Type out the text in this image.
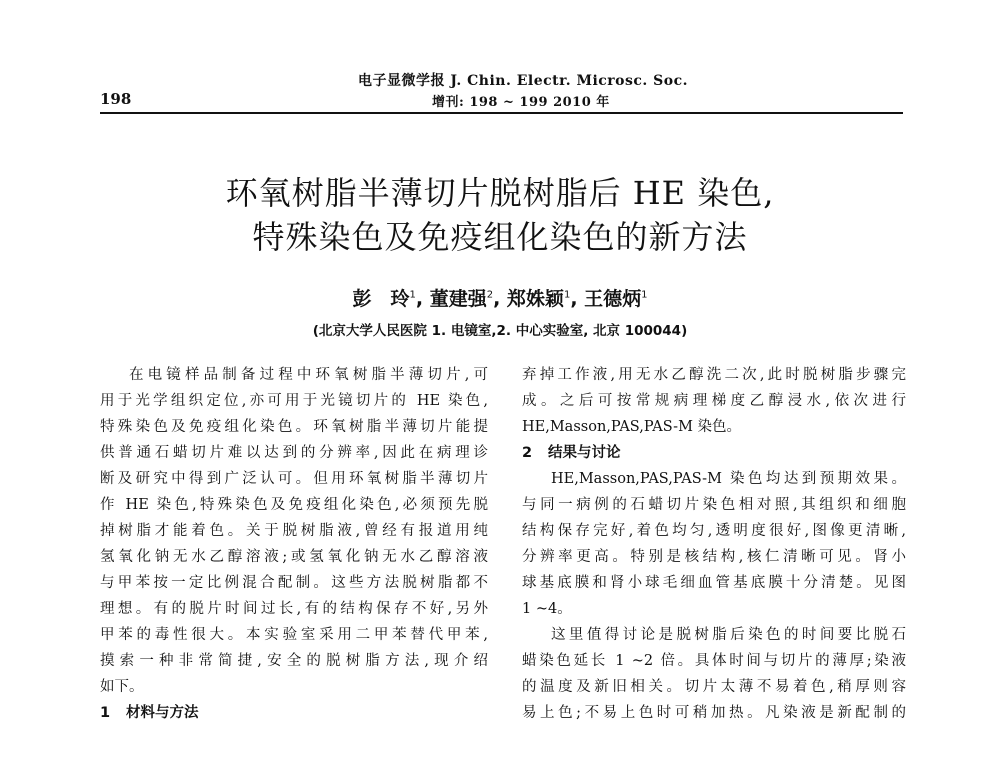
电子显微学报 J. Chin. Electr. Microsc. Soc.
198	增刊: 198 ~ 199 2010 年
环氧树脂半薄切片脱树脂后 HE 染色,
特殊染色及免疫组化染色的新方法
彭　玲$^1$, 董建强$^2$, 郑姝颖$^1$, 王德炳$^1$
(北京大学人民医院 1. 电镜室,2. 中心实验室, 北京 100044)
在电镜样品制备过程中环氧树脂半薄切片,可
用于光学组织定位,亦可用于光镜切片的 HE 染色,
特殊染色及免疫组化染色。环氧树脂半薄切片能提
供普通石蜡切片难以达到的分辨率,因此在病理诊
断及研究中得到广泛认可。但用环氧树脂半薄切片
作 HE 染色,特殊染色及免疫组化染色,必须预先脱
掉树脂才能着色。关于脱树脂液,曾经有报道用纯
氢氧化钠无水乙醇溶液;或氢氧化钠无水乙醇溶液
与甲苯按一定比例混合配制。这些方法脱树脂都不
理想。有的脱片时间过长,有的结构保存不好,另外
甲苯的毒性很大。本实验室采用二甲苯替代甲苯,
摸索一种非常简捷,安全的脱树脂方法,现介绍
如下。
1 材料与方法
弃掉工作液,用无水乙醇洗二次,此时脱树脂步骤完
成。之后可按常规病理梯度乙醇浸水,依次进行
HE,Masson,PAS,PAS-M 染色。
2 结果与讨论
HE,Masson,PAS,PAS-M 染色均达到预期效果。
与同一病例的石蜡切片染色相对照,其组织和细胞
结构保存完好,着色均匀,透明度很好,图像更清晰,
分辨率更高。特别是核结构,核仁清晰可见。肾小
球基底膜和肾小球毛细血管基底膜十分清楚。见图
1 ~4。
这里值得讨论是脱树脂后染色的时间要比脱石
蜡染色延长 1 ~2 倍。具体时间与切片的薄厚;染液
的温度及新旧相关。切片太薄不易着色,稍厚则容
易上色;不易上色时可稍加热。凡染液是新配制的
